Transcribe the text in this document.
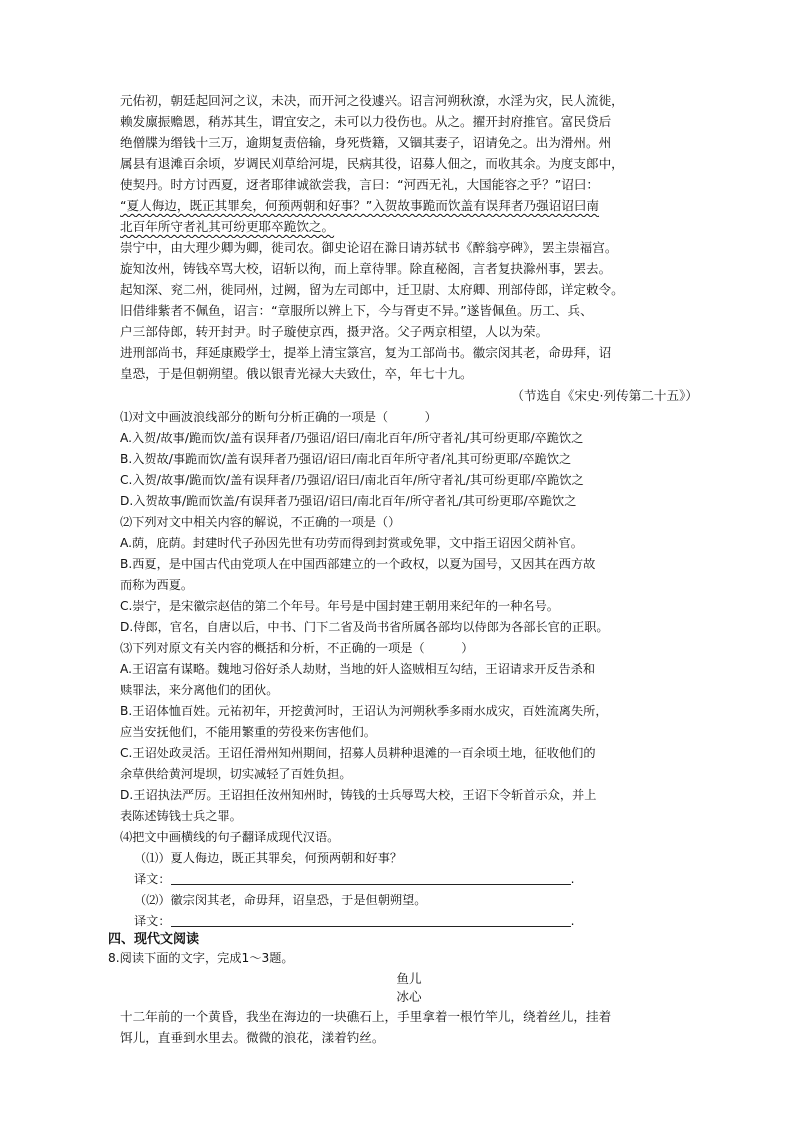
元佑初，朝廷起回河之议，未决，而开河之役遽兴。诏言河朔秋潦，水淫为灾，民人流徙，
赖发廪振赡恩，稍苏其生，谓宜安之，未可以力役伤也。从之。擢开封府推官。富民贷后
绝僧牒为缗钱十三万，逾期复责倍输，身死赀籍，又锢其妻子，诏请免之。出为滑州。州
属县有退滩百余顷，岁调民刈草给河堤，民病其役，诏募人佃之，而收其余。为度支郎中，
使契丹。时方讨西夏，迓者耶律诚欲尝我，言曰：“河西无礼，大国能容之乎？”诏曰：
“夏人侮边，既正其罪矣，何预两朝和好事？”入贺故事跪而饮盖有误拜者乃强诏诏曰南
北百年所守者礼其可纷更耶卒跪饮之。
崇宁中，由大理少卿为卿，徙司农。御史论诏在滁日请苏轼书《醉翁亭碑》，罢主崇福宫。
旋知汝州，铸钱卒骂大校，诏斩以徇，而上章待罪。除直秘阁，言者复抉滁州事，罢去。
起知深、兖二州，徙同州，过阙，留为左司郎中，迁卫尉、太府卿、刑部侍郎，详定敕令。
旧借绯紫者不佩鱼，诏言：“章服所以辨上下，今与胥吏不异。”遂皆佩鱼。历工、兵、
户三部侍郎，转开封尹。时子璇使京西，摄尹洛。父子两京相望，人以为荣。
进刑部尚书，拜延康殿学士，提举上清宝箓宫，复为工部尚书。徽宗闵其老，命毋拜，诏
皇恐，于是但朝朔望。俄以银青光禄大夫致仕，卒，年七十九。
（节选自《宋史·列传第二十五》）
⑴对文中画波浪线部分的断句分析正确的一项是（　　　）
A.入贺/故事/跪而饮/盖有误拜者/乃强诏/诏曰/南北百年/所守者礼/其可纷更耶/卒跪饮之
B.入贺故/事跪而饮/盖有误拜者乃强诏/诏曰/南北百年所守者/礼其可纷更耶/卒跪饮之
C.入贺/故事/跪而饮/盖有误拜者/乃强诏/诏曰/南北百年/所守者礼/其可纷更耶/卒跪饮之
D.入贺故事/跪而饮盖/有误拜者乃强诏/诏曰/南北百年/所守者礼/其可纷更耶/卒跪饮之
⑵下列对文中相关内容的解说，不正确的一项是（）
A.荫，庇荫。封建时代子孙因先世有功劳而得到封赏或免罪，文中指王诏因父荫补官。
B.西夏，是中国古代由党项人在中国西部建立的一个政权，以夏为国号，又因其在西方故
而称为西夏。
C.崇宁，是宋徽宗赵佶的第二个年号。年号是中国封建王朝用来纪年的一种名号。
D.侍郎，官名，自唐以后，中书、门下二省及尚书省所属各部均以侍郎为各部长官的正职。
⑶下列对原文有关内容的概括和分析，不正确的一项是（　　　）
A.王诏富有谋略。魏地习俗好杀人劫财，当地的奸人盗贼相互勾结，王诏请求开反告杀和
赎罪法，来分离他们的团伙。
B.王诏体恤百姓。元祐初年，开挖黄河时，王诏认为河朔秋季多雨水成灾，百姓流离失所，
应当安抚他们，不能用繁重的劳役来伤害他们。
C.王诏处政灵活。王诏任滑州知州期间，招募人员耕种退滩的一百余顷土地，征收他们的
余草供给黄河堤坝，切实减轻了百姓负担。
D.王诏执法严厉。王诏担任汝州知州时，铸钱的士兵辱骂大校，王诏下令斩首示众，并上
表陈述铸钱士兵之罪。
⑷把文中画横线的句子翻译成现代汉语。
（⑴）夏人侮边，既正其罪矣，何预两朝和好事？
译文：	.
（⑵）徽宗闵其老，命毋拜，诏皇恐，于是但朝朔望。
译文：	.
四、现代文阅读
8.阅读下面的文字，完成1～3题。
鱼儿
冰心
十二年前的一个黄昏，我坐在海边的一块礁石上，手里拿着一根竹竿儿，绕着丝儿，挂着
饵儿，直垂到水里去。微微的浪花，漾着钓丝。
